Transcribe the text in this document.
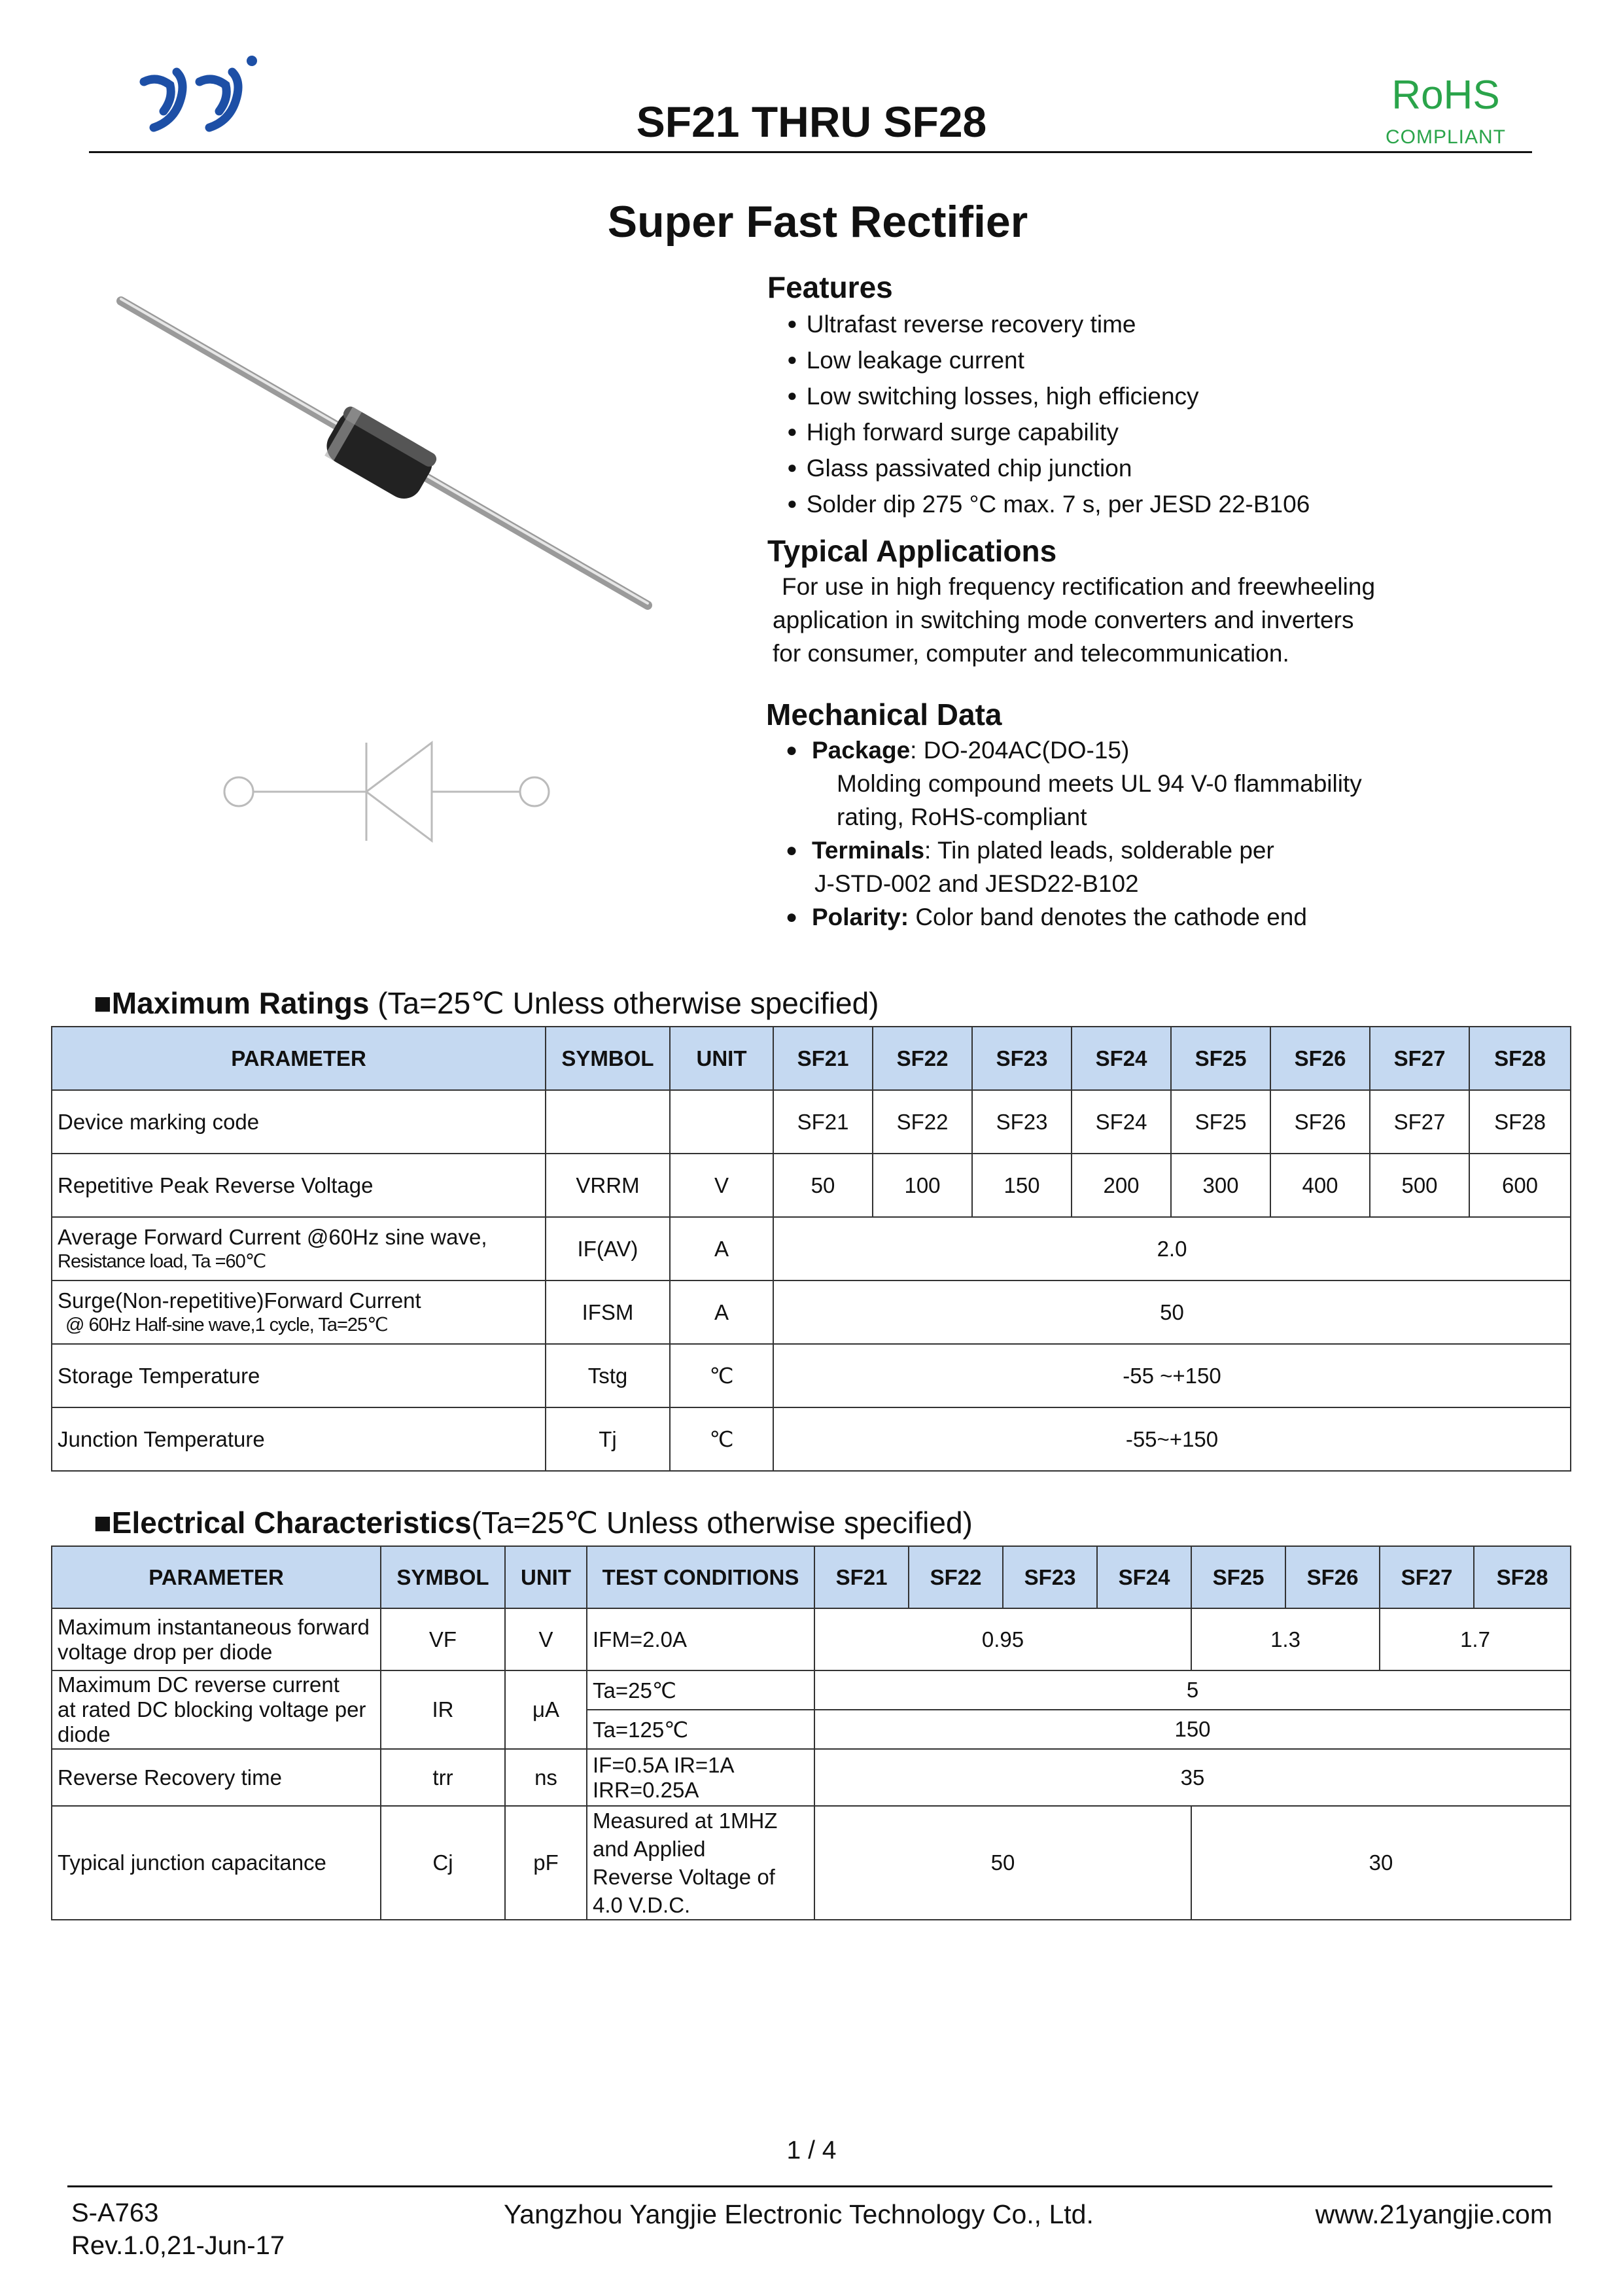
SF21 THRU SF28
RoHS
COMPLIANT
Super Fast Rectifier
Features
● Ultrafast reverse recovery time
● Low leakage current
● Low switching losses, high efficiency
● High forward surge capability
● Glass passivated chip junction
● Solder dip 275 °C max. 7 s, per JESD 22-B106
Typical Applications
For use in high frequency rectification and freewheeling
application in switching mode converters and inverters
for consumer, computer and telecommunication.
Mechanical Data
● Package: DO-204AC(DO-15)
Molding compound meets UL 94 V-0 flammability
rating, RoHS-compliant
● Terminals: Tin plated leads, solderable per
J-STD-002 and JESD22-B102
● Polarity: Color band denotes the cathode end
■Maximum Ratings (Ta=25℃ Unless otherwise specified)
PARAMETER	SYMBOL	UNIT	SF21	SF22	SF23	SF24	SF25	SF26	SF27	SF28
Device marking code			SF21	SF22	SF23	SF24	SF25	SF26	SF27	SF28
Repetitive Peak Reverse Voltage	VRRM	V	50	100	150	200	300	400	500	600

Average Forward Current @60Hz sine wave,
Resistance load, Ta =60℃	IF(AV)	A	2.0							

Surge(Non-repetitive)Forward Current
@ 60Hz Half-sine wave,1 cycle, Ta=25℃	IFSM	A	50							
Storage Temperature	Tstg	℃	-55 ~+150							
Junction Temperature	Tj	℃	-55~+150							
■Electrical Characteristics(Ta=25℃ Unless otherwise specified)
PARAMETER	SYMBOL	UNIT	TEST CONDITIONS	SF21	SF22	SF23	SF24	SF25	SF26	SF27	SF28

Maximum instantaneous forward
voltage drop per diode	VF	V	IFM=2.0A	0.95				1.3		1.7	

Maximum DC reverse current
at rated DC blocking voltage per
diode	IR	μA	Ta=25℃	5							
			Ta=125℃	150							
Reverse Recovery time	trr	ns	IF=0.5A IR=1A
IRR=0.25A	35							
Typical junction capacitance	Cj	pF	Measured at 1MHZ
and Applied
Reverse Voltage of
4.0 V.D.C.	50				30			
1 / 4
S-A763
Rev.1.0,21-Jun-17
Yangzhou Yangjie Electronic Technology Co., Ltd.	www.21yangjie.com
